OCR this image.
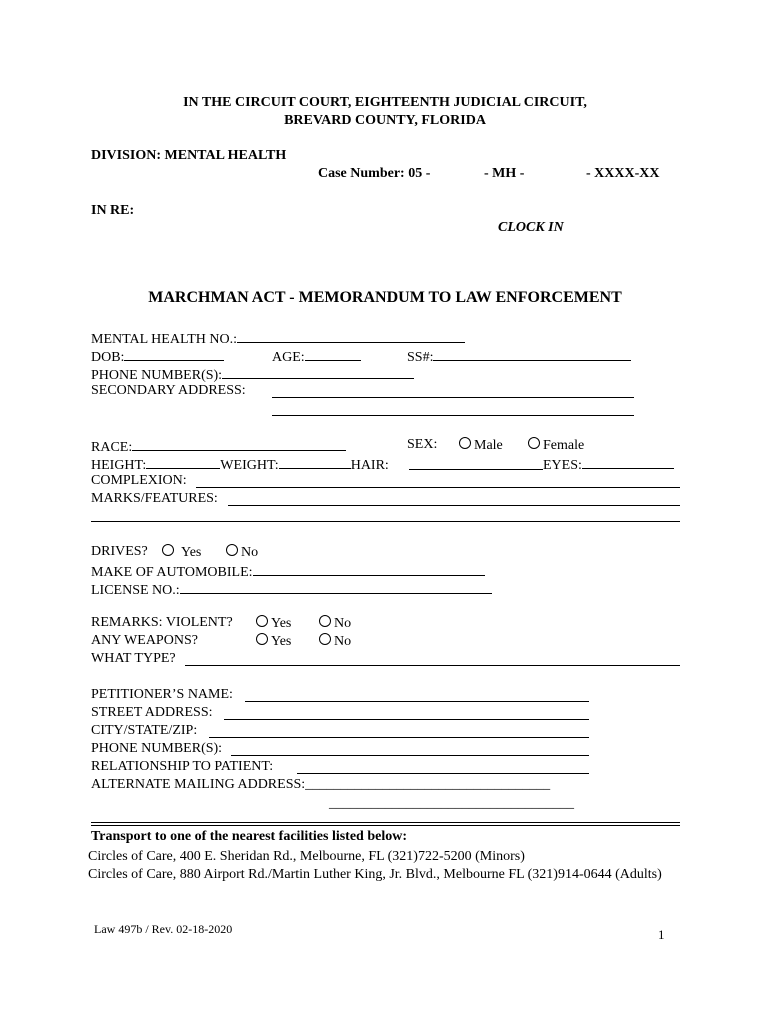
IN THE CIRCUIT COURT, EIGHTEENTH JUDICIAL CIRCUIT,
BREVARD COUNTY, FLORIDA
DIVISION: MENTAL HEALTH
Case Number: 05 -	- MH -	- XXXX-XX
IN RE:
CLOCK IN
MARCHMAN ACT - MEMORANDUM TO LAW ENFORCEMENT
MENTAL HEALTH NO.:
DOB:	AGE:	SS#:
PHONE NUMBER(S):
SECONDARY ADDRESS:
RACE:	SEX:	Male	Female
HEIGHT:	WEIGHT:	HAIR:	EYES:
COMPLEXION:
MARKS/FEATURES:
DRIVES?	Yes	No
MAKE OF AUTOMOBILE:
LICENSE NO.:
REMARKS: VIOLENT?	Yes	No
ANY WEAPONS?	Yes	No
WHAT TYPE?
PETITIONER’S NAME:
STREET ADDRESS:
CITY/STATE/ZIP:
PHONE NUMBER(S):
RELATIONSHIP TO PATIENT:
ALTERNATE MAILING ADDRESS:___________________________________
___________________________________
Transport to one of the nearest facilities listed below:
Circles of Care, 400 E. Sheridan Rd., Melbourne, FL (321)722-5200 (Minors)
Circles of Care, 880 Airport Rd./Martin Luther King, Jr. Blvd., Melbourne FL (321)914-0644 (Adults)
Law 497b / Rev. 02-18-2020	1
